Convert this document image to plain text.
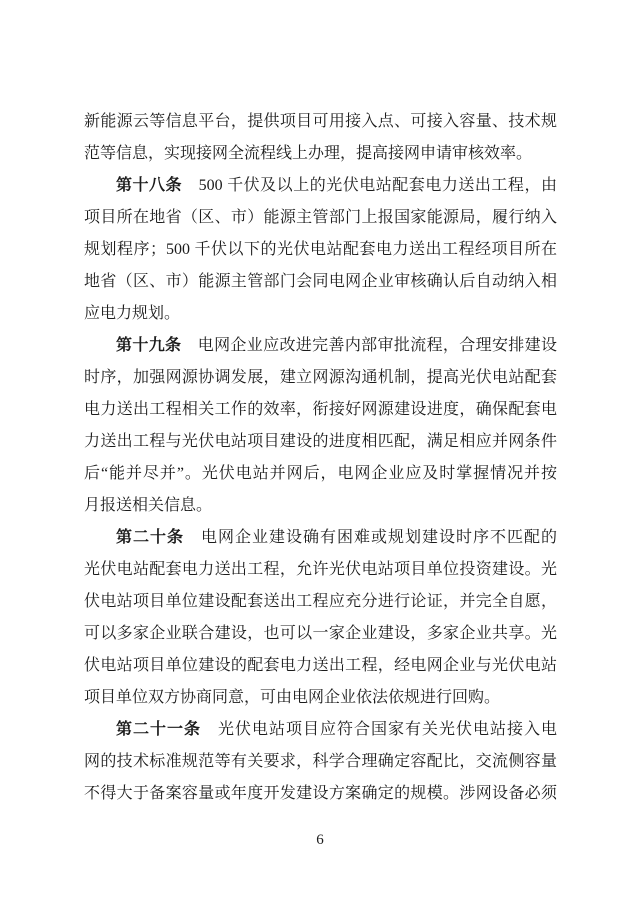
新能源云等信息平台，提供项目可用接入点、可接入容量、技术规
范等信息，实现接网全流程线上办理，提高接网申请审核效率。
第十八条　500 千伏及以上的光伏电站配套电力送出工程，由
项目所在地省（区、市）能源主管部门上报国家能源局，履行纳入
规划程序；500 千伏以下的光伏电站配套电力送出工程经项目所在
地省（区、市）能源主管部门会同电网企业审核确认后自动纳入相
应电力规划。
第十九条　电网企业应改进完善内部审批流程，合理安排建设
时序，加强网源协调发展，建立网源沟通机制，提高光伏电站配套
电力送出工程相关工作的效率，衔接好网源建设进度，确保配套电
力送出工程与光伏电站项目建设的进度相匹配，满足相应并网条件
后“能并尽并”。光伏电站并网后，电网企业应及时掌握情况并按
月报送相关信息。
第二十条　电网企业建设确有困难或规划建设时序不匹配的
光伏电站配套电力送出工程，允许光伏电站项目单位投资建设。光
伏电站项目单位建设配套送出工程应充分进行论证，并完全自愿，
可以多家企业联合建设，也可以一家企业建设，多家企业共享。光
伏电站项目单位建设的配套电力送出工程，经电网企业与光伏电站
项目单位双方协商同意，可由电网企业依法依规进行回购。
第二十一条　光伏电站项目应符合国家有关光伏电站接入电
网的技术标准规范等有关要求，科学合理确定容配比，交流侧容量
不得大于备案容量或年度开发建设方案确定的规模。涉网设备必须
6
